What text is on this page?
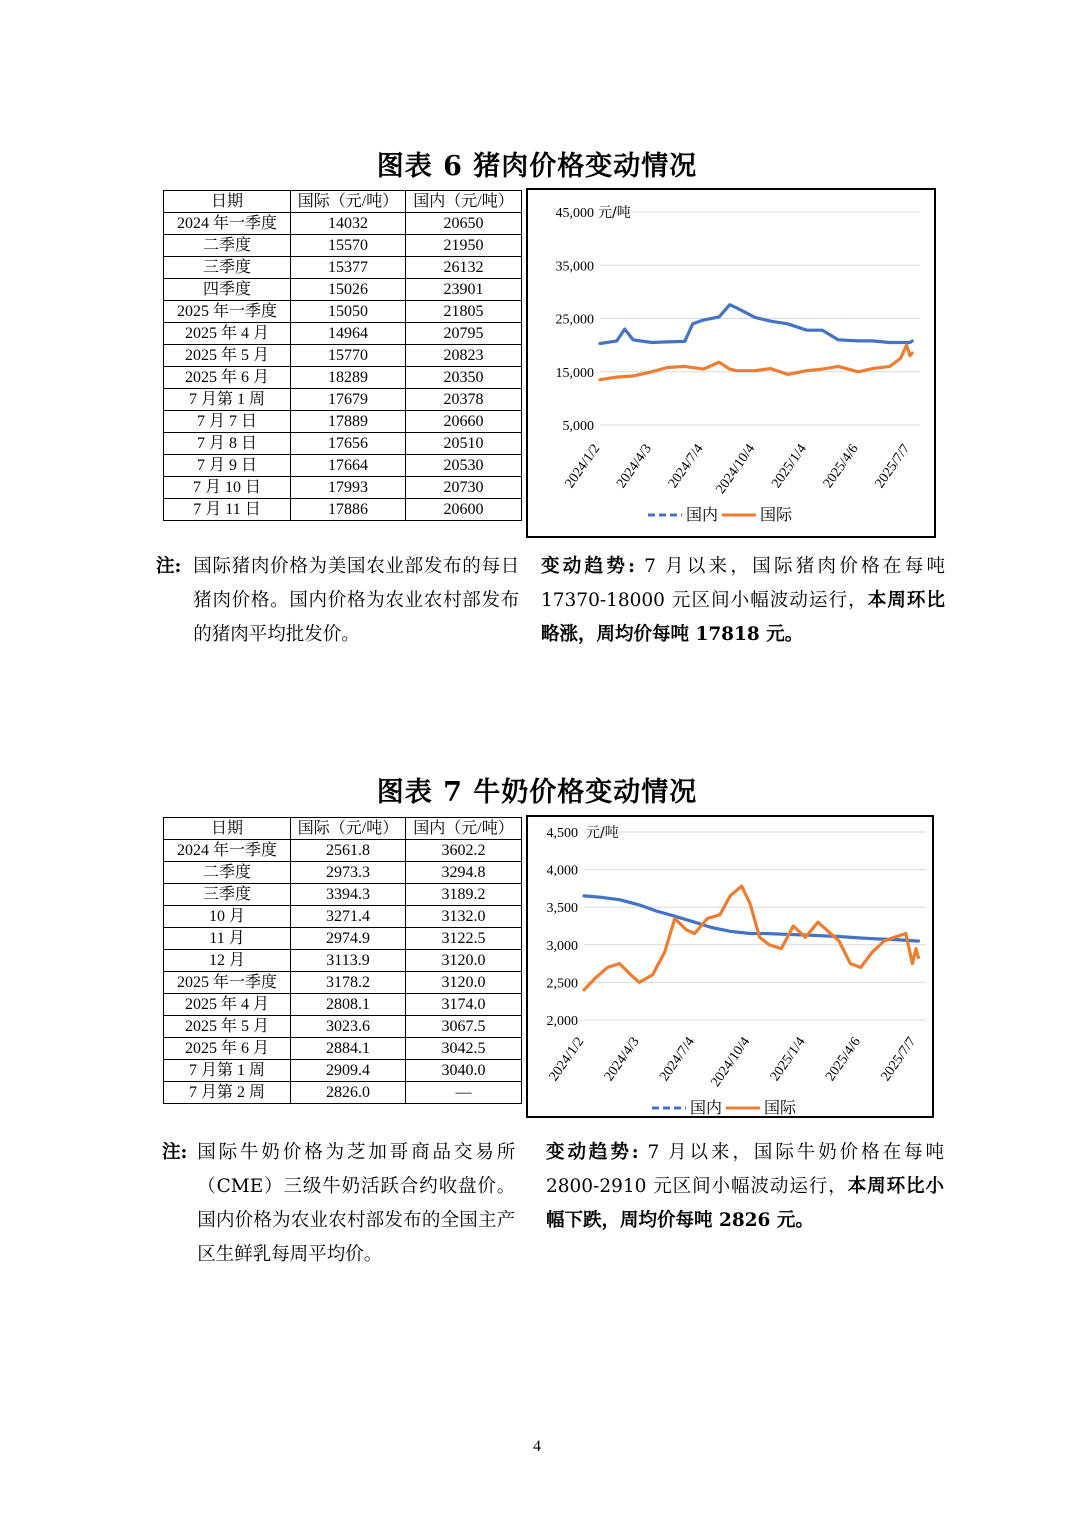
图表 6 猪肉价格变动情况
日期	国际（元/吨）	国内（元/吨）
2024 年一季度	14032	20650
二季度	15570	21950
三季度	15377	26132
四季度	15026	23901
2025 年一季度	15050	21805
2025 年 4 月	14964	20795
2025 年 5 月	15770	20823
2025 年 6 月	18289	20350
7 月第 1 周	17679	20378
7 月 7 日	17889	20660
7 月 8 日	17656	20510
7 月 9 日	17664	20530
7 月 10 日	17993	20730
7 月 11 日	17886	20600
45,000 元/吨
35,000
25,000
15,000
5,000
2024/1/2 2024/4/3 2024/7/4 2024/10/4 2025/1/4 2025/4/6 2025/7/7
国内	国际

注: 国际猪肉价格为美国农业部发布的每日猪肉价格。国内价格为农业农村部发布的猪肉平均批发价。

变动趋势: 7 月以来，国际猪肉价格在每吨 17370-18000 元区间小幅波动运行，本周环比略涨，周均价每吨 17818 元。

图表 7 牛奶价格变动情况
日期	国际（元/吨）	国内（元/吨）
2024 年一季度	2561.8	3602.2
二季度	2973.3	3294.8
三季度	3394.3	3189.2
10 月	3271.4	3132.0
11 月	2974.9	3122.5
12 月	3113.9	3120.0
2025 年一季度	3178.2	3120.0
2025 年 4 月	2808.1	3174.0
2025 年 5 月	3023.6	3067.5
2025 年 6 月	2884.1	3042.5
7 月第 1 周	2909.4	3040.0
7 月第 2 周	2826.0	—
4,500 元/吨
4,000
3,500
3,000
2,500
2,000
2024/1/2 2024/4/3 2024/7/4 2024/10/4 2025/1/4 2025/4/6 2025/7/7
国内	国际

注: 国际牛奶价格为芝加哥商品交易所（CME）三级牛奶活跃合约收盘价。国内价格为农业农村部发布的全国主产区生鲜乳每周平均价。

变动趋势: 7 月以来，国际牛奶价格在每吨 2800-2910 元区间小幅波动运行，本周环比小幅下跌，周均价每吨 2826 元。

4
